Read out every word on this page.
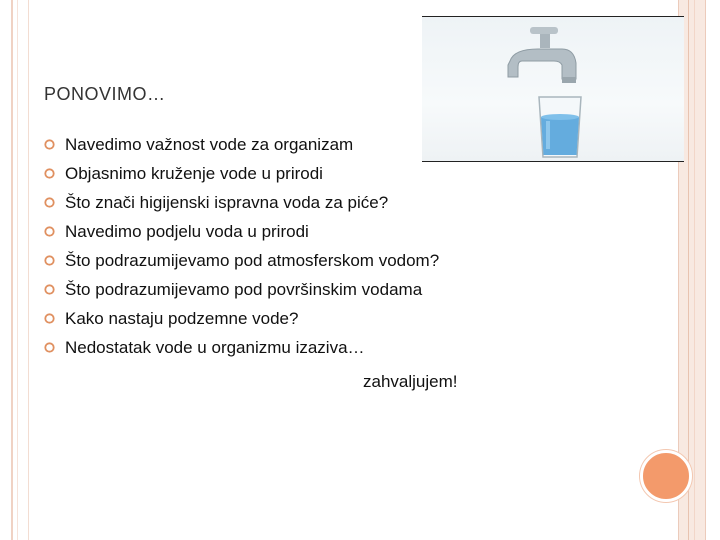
PONOVIMO…
Navedimo važnost vode za organizam
Objasnimo kruženje vode u prirodi
Što znači higijenski ispravna voda za piće?
Navedimo podjelu voda u prirodi
Što podrazumijevamo pod atmosferskom vodom?
Što podrazumijevamo pod površinskim vodama
Kako nastaju podzemne vode?
Nedostatak vode u organizmu izaziva…
zahvaljujem!
